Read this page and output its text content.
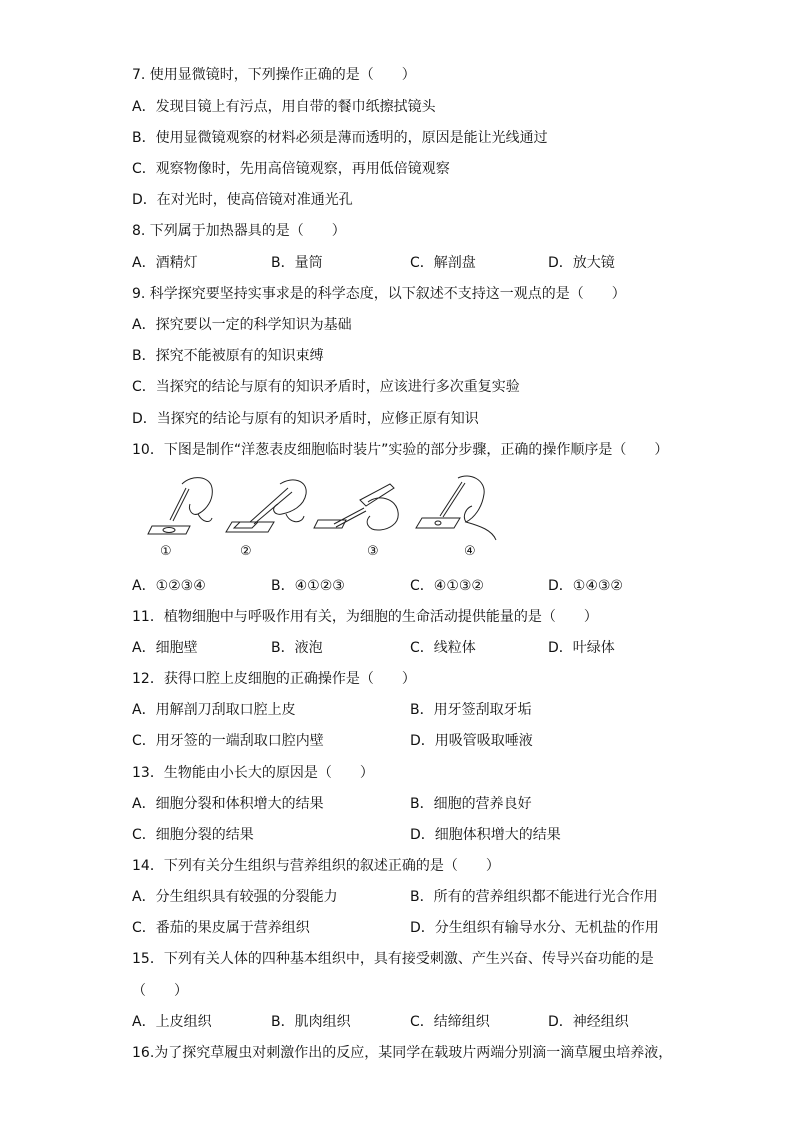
7. 使用显微镜时，下列操作正确的是（　　）
A．发现目镜上有污点，用自带的餐巾纸擦拭镜头
B．使用显微镜观察的材料必须是薄而透明的，原因是能让光线通过
C．观察物像时，先用高倍镜观察，再用低倍镜观察
D．在对光时，使高倍镜对准通光孔
8. 下列属于加热器具的是（　　）
A．酒精灯	B．量筒	C．解剖盘	D．放大镜
9. 科学探究要坚持实事求是的科学态度，以下叙述不支持这一观点的是（　　）
A．探究要以一定的科学知识为基础
B．探究不能被原有的知识束缚
C．当探究的结论与原有的知识矛盾时，应该进行多次重复实验
D．当探究的结论与原有的知识矛盾时，应修正原有知识
10．下图是制作“洋葱表皮细胞临时装片”实验的部分步骤，正确的操作顺序是（　　）
①	②	③	④
A．①②③④	B．④①②③	C．④①③②	D．①④③②
11．植物细胞中与呼吸作用有关，为细胞的生命活动提供能量的是（　　）
A．细胞壁	B．液泡	C．线粒体	D．叶绿体
12．获得口腔上皮细胞的正确操作是（　　）
A．用解剖刀刮取口腔上皮	B．用牙签刮取牙垢
C．用牙签的一端刮取口腔内壁	D．用吸管吸取唾液
13．生物能由小长大的原因是（　　）
A．细胞分裂和体积增大的结果	B．细胞的营养良好
C．细胞分裂的结果	D．细胞体积增大的结果
14．下列有关分生组织与营养组织的叙述正确的是（　　）
A．分生组织具有较强的分裂能力	B．所有的营养组织都不能进行光合作用
C．番茄的果皮属于营养组织	D．分生组织有输导水分、无机盐的作用
15．下列有关人体的四种基本组织中，具有接受刺激、产生兴奋、传导兴奋功能的是
（　　）
A．上皮组织	B．肌肉组织	C．结缔组织	D．神经组织
16.为了探究草履虫对刺激作出的反应，某同学在载玻片两端分别滴一滴草履虫培养液，
